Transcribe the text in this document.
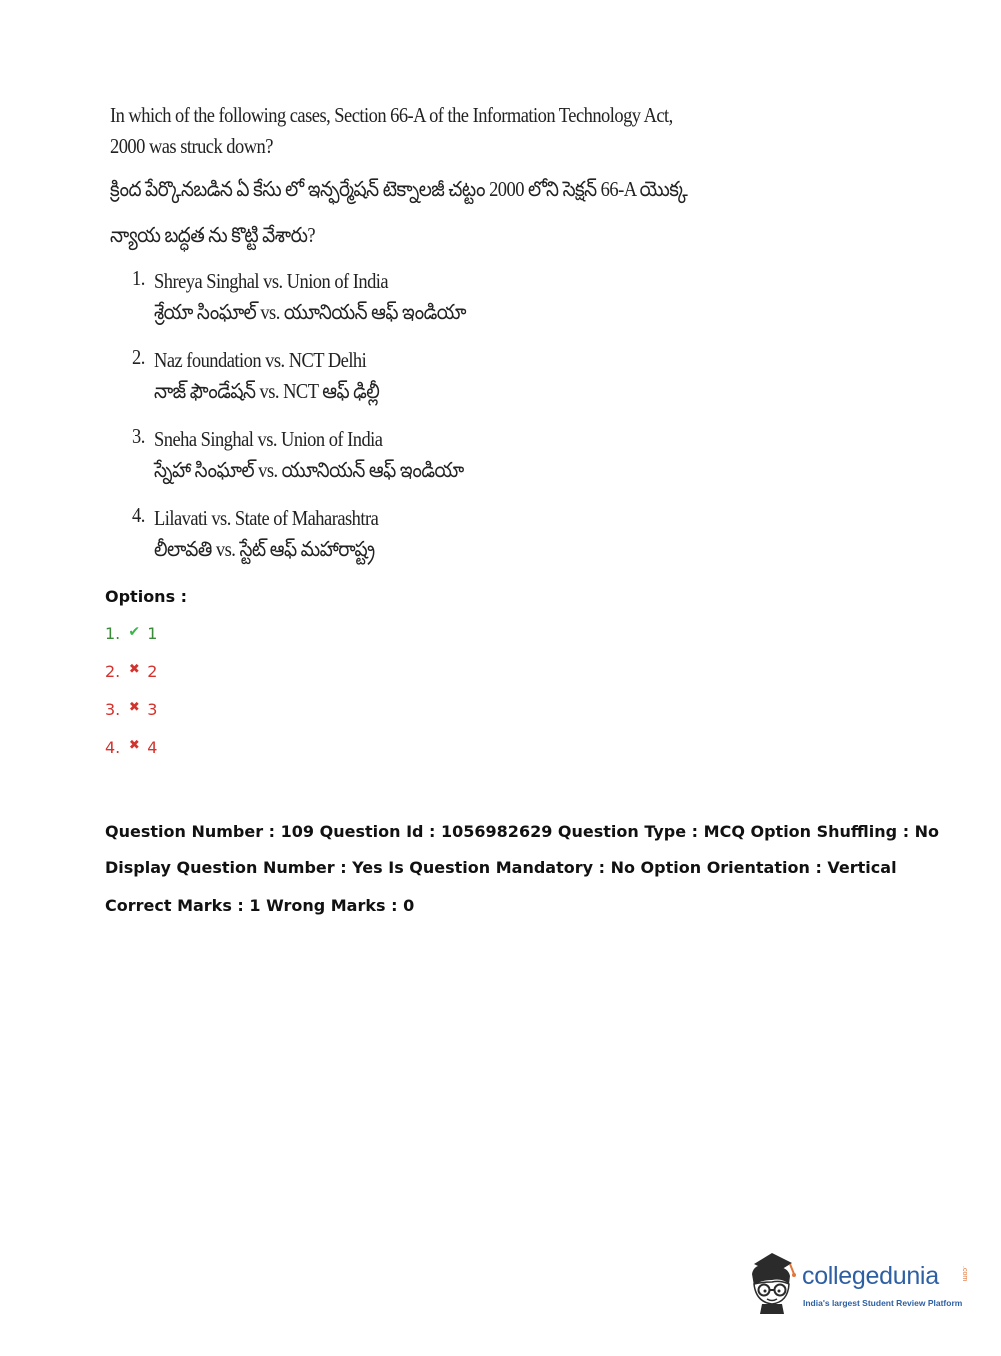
In which of the following cases, Section 66-A of the Information Technology Act, 2000 was struck down?
క్రింద పేర్కొనబడిన ఏ కేసు లో ఇన్ఫర్మేషన్ టెక్నాలజీ చట్టం 2000 లోని సెక్షన్ 66-A యొక్క న్యాయ బద్ధత ను కొట్టి వేశారు?
1. Shreya Singhal vs. Union of India
శ్రేయా సింఘాల్ vs. యూనియన్ ఆఫ్ ఇండియా
2. Naz foundation vs. NCT Delhi
నాజ్ ఫౌండేషన్ vs. NCT ఆఫ్ ఢిల్లీ
3. Sneha Singhal vs. Union of India
స్నేహా సింఘాల్ vs. యూనియన్ ఆఫ్ ఇండియా
4. Lilavati vs. State of Maharashtra
లీలావతి vs. స్టేట్ ఆఫ్ మహారాష్ట్ర
Options :
1. ✔ 1
2. ✖ 2
3. ✖ 3
4. ✖ 4
Question Number : 109 Question Id : 1056982629 Question Type : MCQ Option Shuffling : No
Display Question Number : Yes Is Question Mandatory : No Option Orientation : Vertical
Correct Marks : 1 Wrong Marks : 0
collegedunia	.com
India's largest Student Review Platform
